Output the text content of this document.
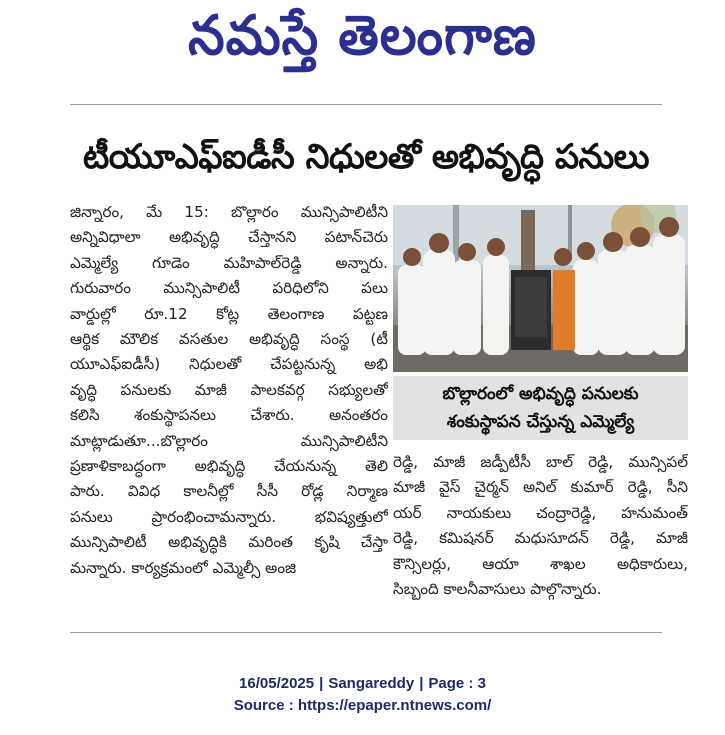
నమస్తే తెలంగాణ
టీయూఎఫ్ఐడీసీ నిధులతో అభివృద్ధి పనులు
జిన్నారం, మే 15: బొల్లారం మున్సిపాలిటీని
అన్నివిధాలా అభివృద్ధి చేస్తానని పటాన్‌చెరు
ఎమ్మెల్యే గూడెం మహిపాల్‌రెడ్డి అన్నారు.
గురువారం మున్సిపాలిటీ పరిధిలోని పలు
వార్డుల్లో రూ.12 కోట్ల తెలంగాణ పట్టణ
ఆర్థిక మౌలిక వసతుల అభివృద్ధి సంస్థ (టీ
యూఎఫ్ఐడీసీ) నిధులతో చేపట్టనున్న అభి
వృద్ధి పనులకు మాజీ పాలకవర్గ సభ్యులతో
కలిసి శంకుస్థాపనలు చేశారు. అనంతరం
మాట్లాడుతూ...బొల్లారం మున్సిపాలిటీని
ప్రణాళికాబద్ధంగా అభివృద్ధి చేయనున్న తెలి
పారు. వివిధ కాలనీల్లో సీసీ రోడ్ల నిర్మాణ
పనులు ప్రారంభించామన్నారు. భవిష్యత్తులో
మున్సిపాలిటీ అభివృద్ధికి మరింత కృషి చేస్తా
మన్నారు. కార్యక్రమంలో ఎమ్మెల్సీ అంజి
బొల్లారంలో అభివృద్ధి పనులకు
శంకుస్థాపన చేస్తున్న ఎమ్మెల్యే
రెడ్డి, మాజీ జడ్పీటీసీ బాల్ రెడ్డి, మున్సిపల్
మాజీ వైస్ చైర్మన్ అనిల్ కుమార్ రెడ్డి, సీని
యర్ నాయకులు చంద్రారెడ్డి, హనుమంత్
రెడ్డి, కమిషనర్ మధుసూదన్ రెడ్డి, మాజీ
కౌన్సిలర్లు, ఆయా శాఖల అధికారులు,
సిబ్బంది కాలనీవాసులు పాల్గొన్నారు.
16/05/2025 | Sangareddy | Page : 3
Source : https://epaper.ntnews.com/
